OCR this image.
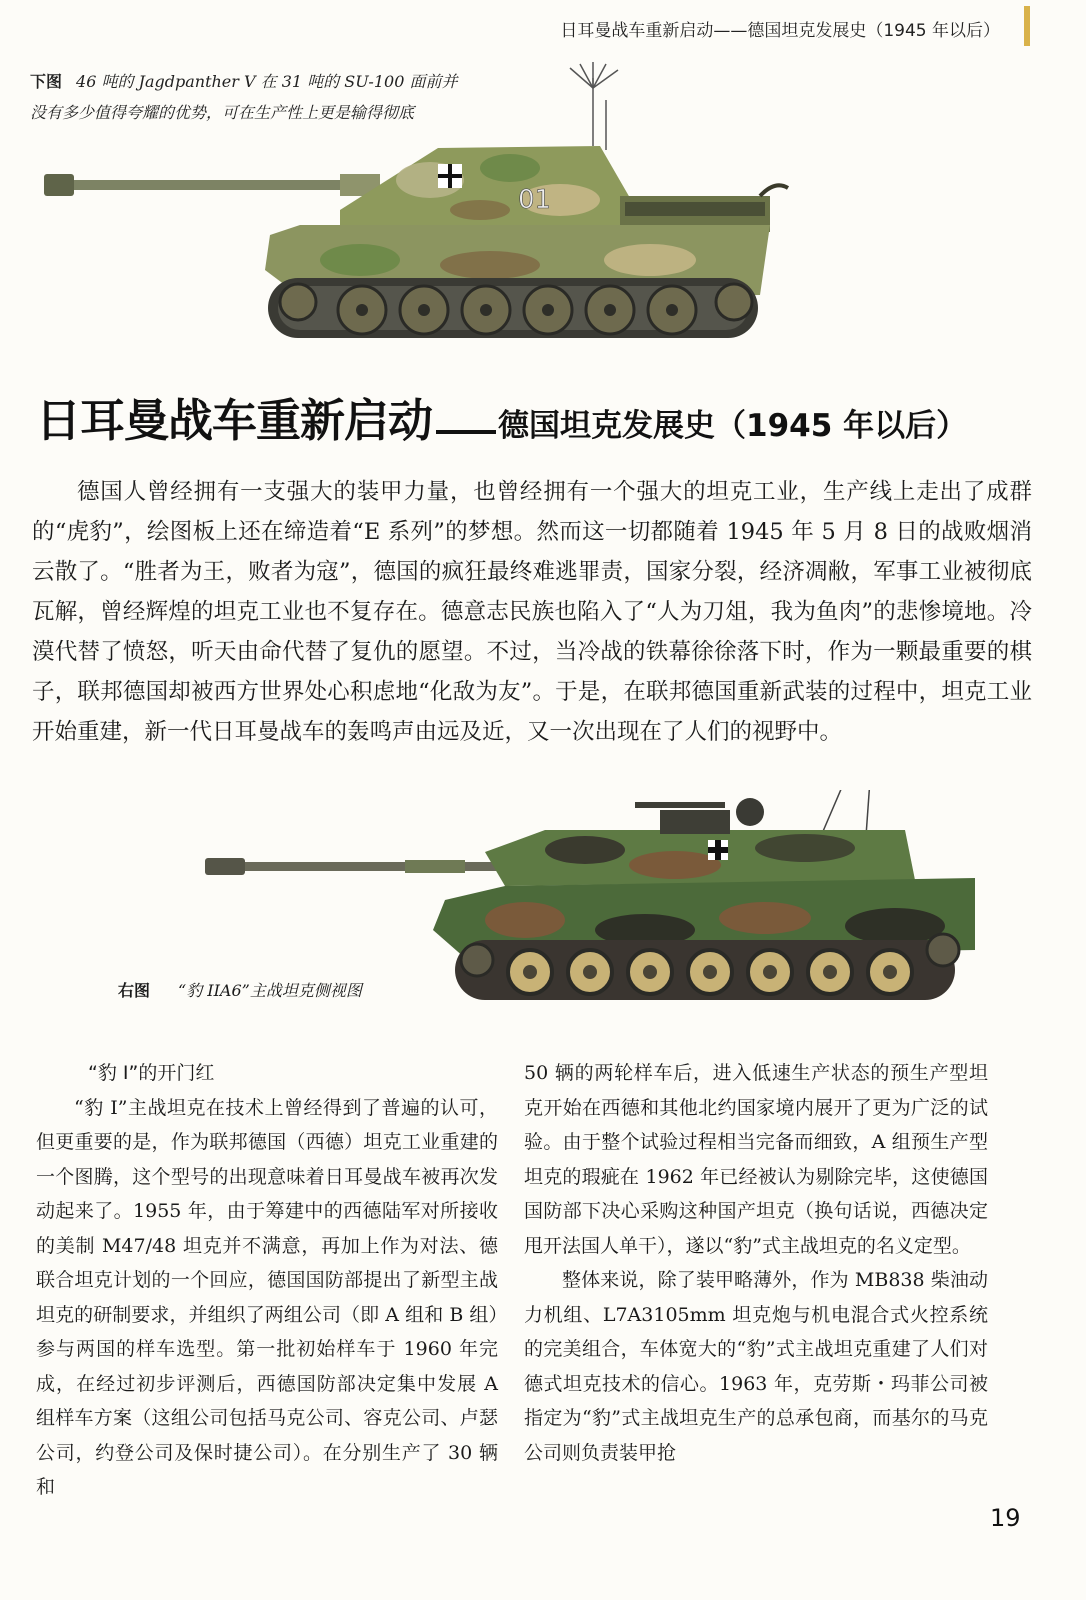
日耳曼战车重新启动——德国坦克发展史（1945 年以后）
下图 46 吨的 Jagdpanther V 在 31 吨的 SU-100 面前并没有多少值得夸耀的优势，可在生产性上更是输得彻底
01
日耳曼战车重新启动 德国坦克发展史（1945 年以后）

德国人曾经拥有一支强大的装甲力量，也曾经拥有一个强大的坦克工业，生产线上走出了成群的“虎豹”，绘图板上还在缔造着“E 系列”的梦想。然而这一切都随着 1945 年 5 月 8 日的战败烟消云散了。“胜者为王，败者为寇”，德国的疯狂最终难逃罪责，国家分裂，经济凋敝，军事工业被彻底瓦解，曾经辉煌的坦克工业也不复存在。德意志民族也陷入了“人为刀俎，我为鱼肉”的悲惨境地。冷漠代替了愤怒，听天由命代替了复仇的愿望。不过，当冷战的铁幕徐徐落下时，作为一颗最重要的棋子，联邦德国却被西方世界处心积虑地“化敌为友”。于是，在联邦德国重新武装的过程中，坦克工业开始重建，新一代日耳曼战车的轰鸣声由远及近，又一次出现在了人们的视野中。

右图 “豹 IIA6”主战坦克侧视图

“豹 I”的开门红

“豹 I”主战坦克在技术上曾经得到了普遍的认可，但更重要的是，作为联邦德国（西德）坦克工业重建的一个图腾，这个型号的出现意味着日耳曼战车被再次发动起来了。1955 年，由于筹建中的西德陆军对所接收的美制 M47/48 坦克并不满意，再加上作为对法、德联合坦克计划的一个回应，德国国防部提出了新型主战坦克的研制要求，并组织了两组公司（即 A 组和 B 组）参与两国的样车选型。第一批初始样车于 1960 年完成，在经过初步评测后，西德国防部决定集中发展 A 组样车方案（这组公司包括马克公司、容克公司、卢瑟公司，约登公司及保时捷公司）。在分别生产了 30 辆和

50 辆的两轮样车后，进入低速生产状态的预生产型坦克开始在西德和其他北约国家境内展开了更为广泛的试验。由于整个试验过程相当完备而细致，A 组预生产型坦克的瑕疵在 1962 年已经被认为剔除完毕，这使德国国防部下决心采购这种国产坦克（换句话说，西德决定甩开法国人单干），遂以“豹”式主战坦克的名义定型。

整体来说，除了装甲略薄外，作为 MB838 柴油动力机组、L7A3105mm 坦克炮与机电混合式火控系统的完美组合，车体宽大的“豹”式主战坦克重建了人们对德式坦克技术的信心。1963 年，克劳斯・玛菲公司被指定为“豹”式主战坦克生产的总承包商，而基尔的马克公司则负责装甲抢

19
